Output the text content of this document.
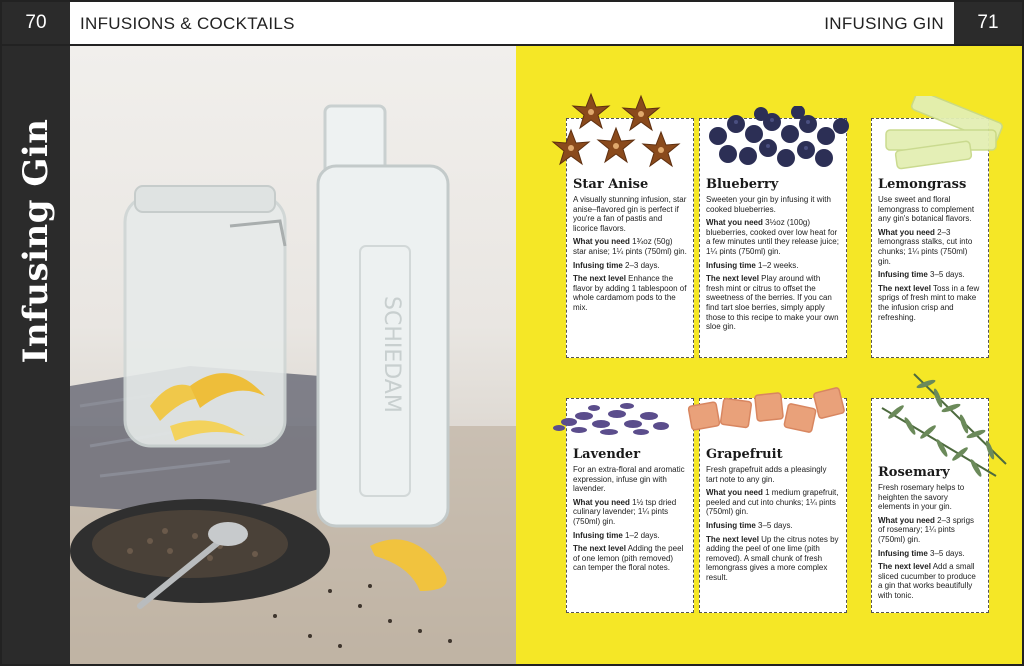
70	INFUSIONS & COCKTAILS	INFUSING GIN	71
Infusing Gin	SCHIEDAM
Star Anise

A visually stunning infusion, star anise–flavored gin is perfect if you're a fan of pastis and licorice flavors.

What you need 1¾oz (50g) star anise; 1¼ pints (750ml) gin.

Infusing time 2–3 days.

The next level Enhance the flavor by adding 1 tablespoon of whole cardamom pods to the mix.

Blueberry

Sweeten your gin by infusing it with cooked blueberries.

What you need 3½oz (100g) blueberries, cooked over low heat for a few minutes until they release juice; 1¼ pints (750ml) gin.

Infusing time 1–2 weeks.

The next level Play around with fresh mint or citrus to offset the sweetness of the berries. If you can find tart sloe berries, simply apply those to this recipe to make your own sloe gin.

Lemongrass

Use sweet and floral lemongrass to complement any gin's botanical flavors.

What you need 2–3 lemongrass stalks, cut into chunks; 1¼ pints (750ml) gin.

Infusing time 3–5 days.

The next level Toss in a few sprigs of fresh mint to make the infusion crisp and refreshing.

Lavender

For an extra-floral and aromatic expression, infuse gin with lavender.

What you need 1½ tsp dried culinary lavender; 1¼ pints (750ml) gin.

Infusing time 1–2 days.

The next level Adding the peel of one lemon (pith removed) can temper the floral notes.

Grapefruit

Fresh grapefruit adds a pleasingly tart note to any gin.

What you need 1 medium grapefruit, peeled and cut into chunks; 1¼ pints (750ml) gin.

Infusing time 3–5 days.

The next level Up the citrus notes by adding the peel of one lime (pith removed). A small chunk of fresh lemongrass gives a more complex result.

Rosemary

Fresh rosemary helps to heighten the savory elements in your gin.

What you need 2–3 sprigs of rosemary; 1¼ pints (750ml) gin.

Infusing time 3–5 days.

The next level Add a small sliced cucumber to produce a gin that works beautifully with tonic.
